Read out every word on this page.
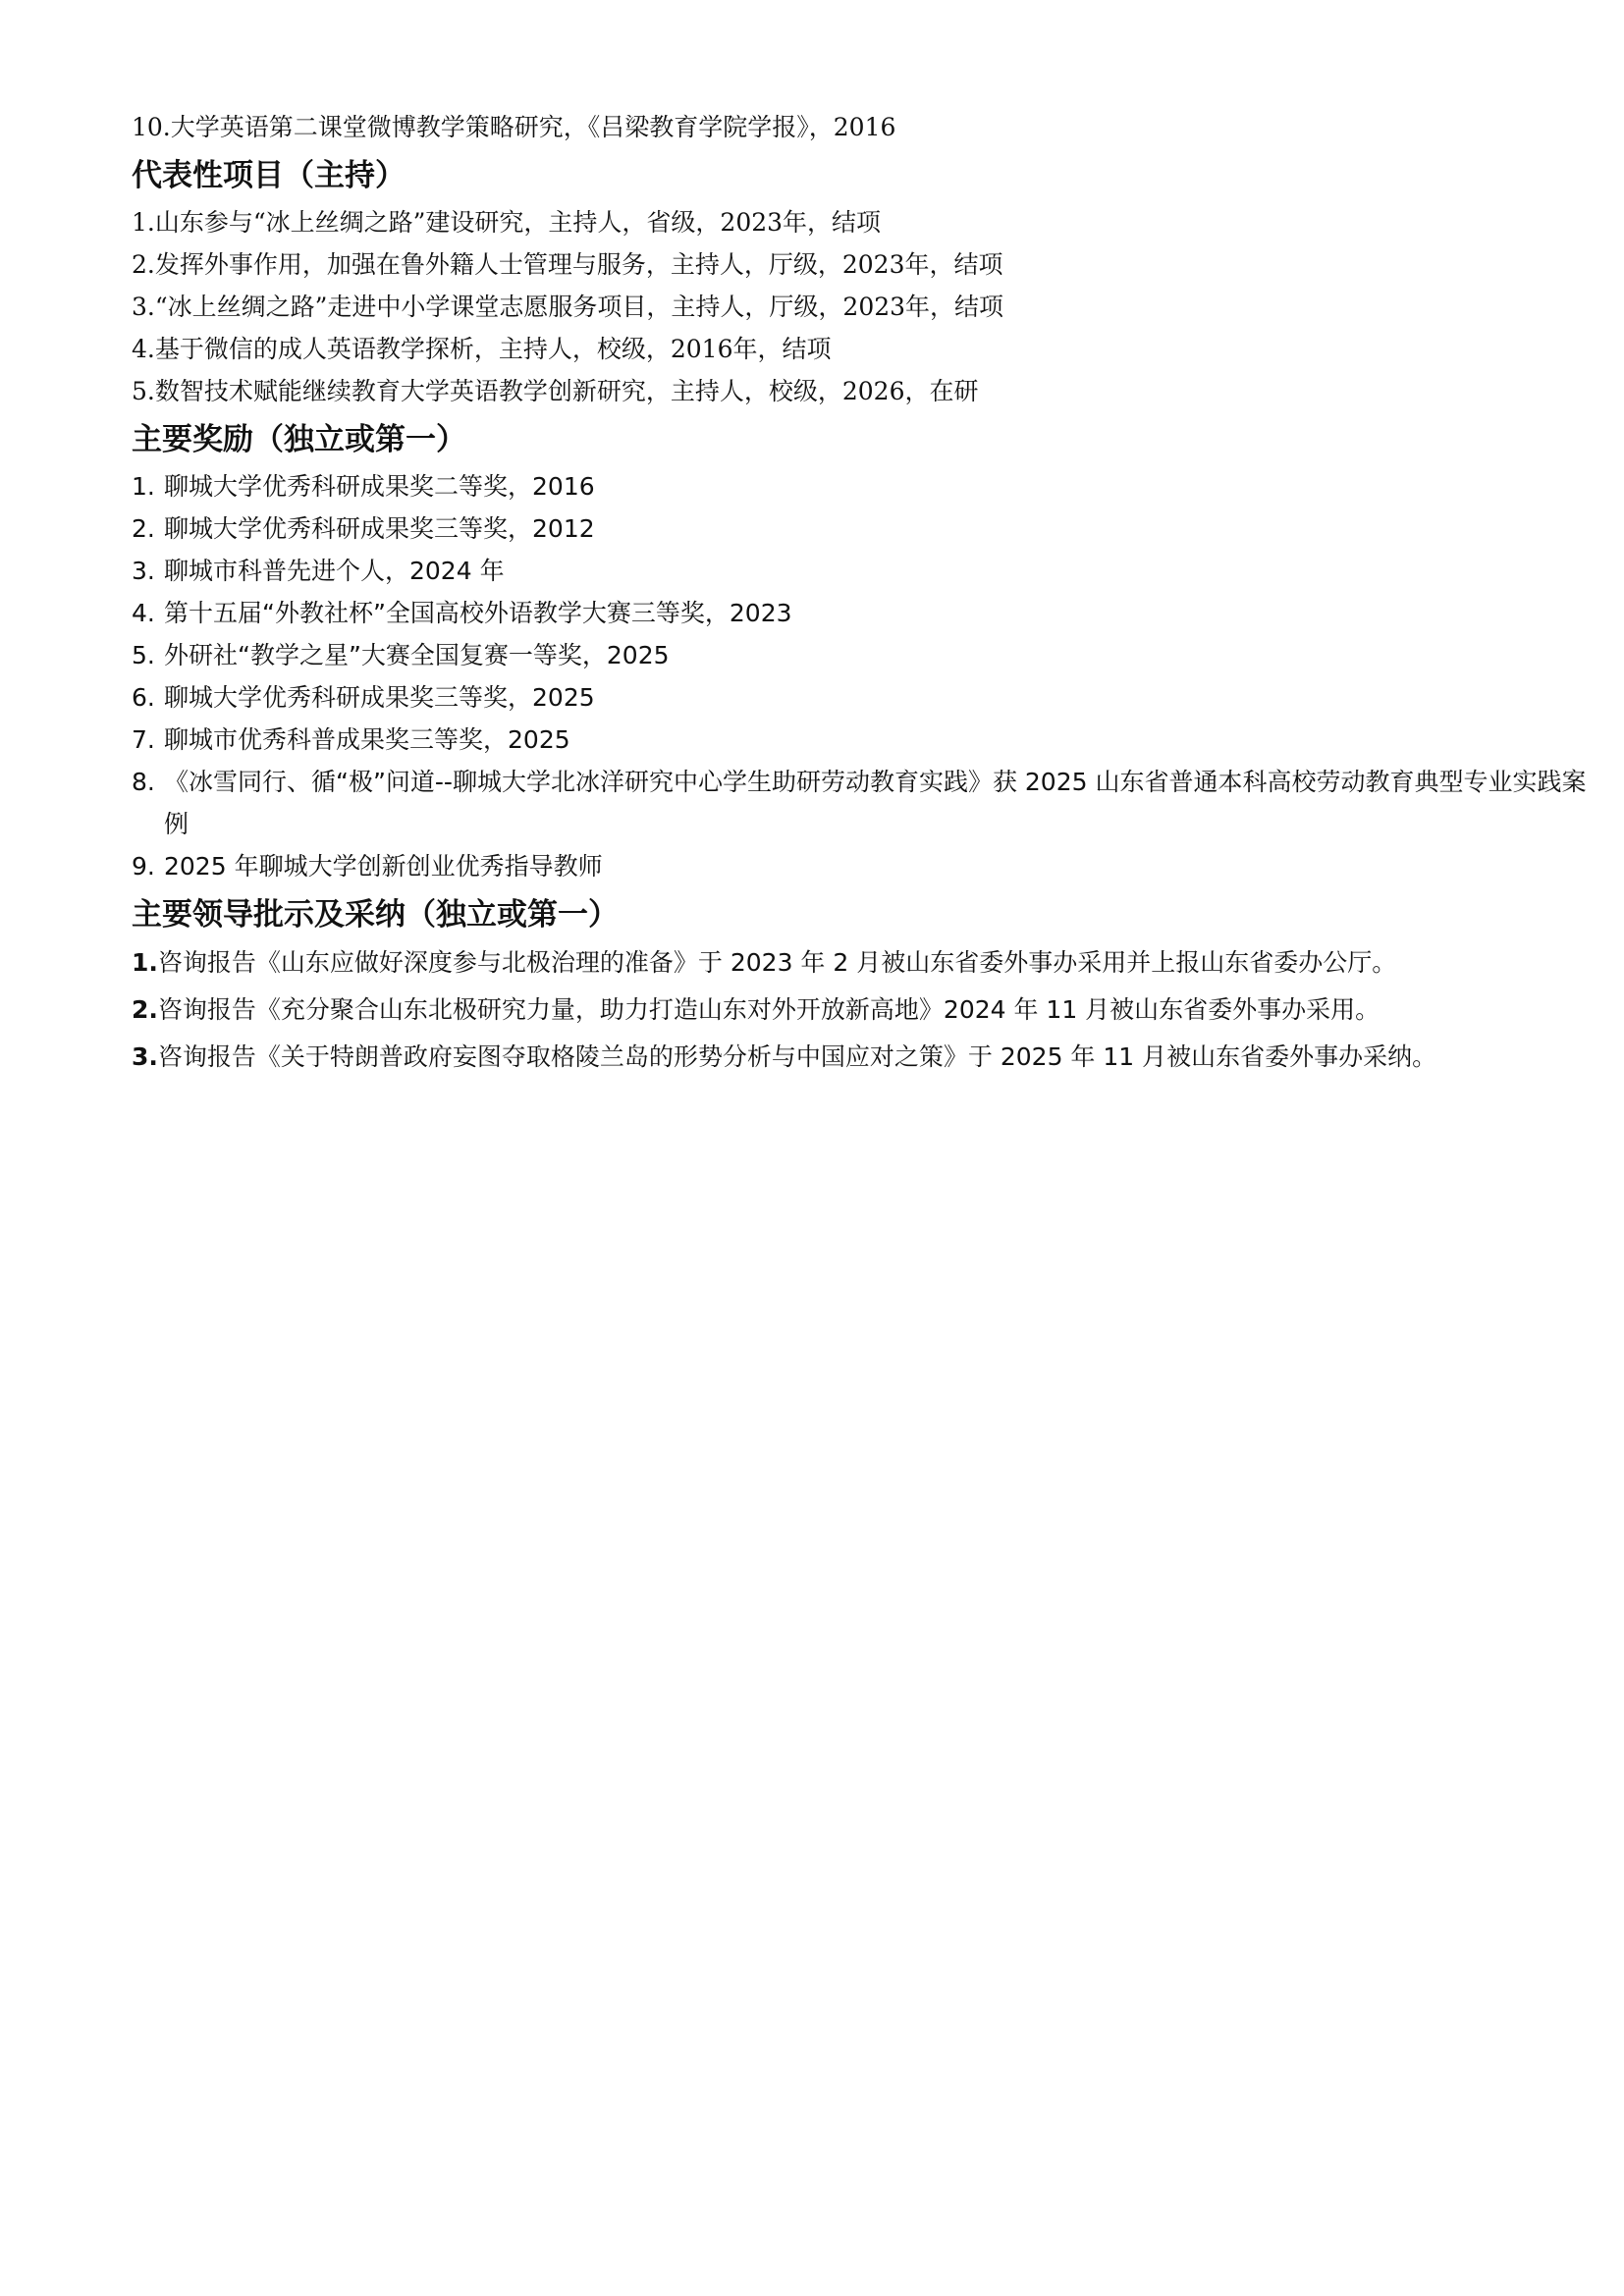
10. 大学英语第二课堂微博教学策略研究，《吕梁教育学院学报》，2016
代表性项目（主持）
1. 山东参与“冰上丝绸之路”建设研究，主持人，省级，2023年，结项
2. 发挥外事作用，加强在鲁外籍人士管理与服务，主持人，厅级，2023年，结项
3. “冰上丝绸之路”走进中小学课堂志愿服务项目，主持人，厅级，2023年，结项
4. 基于微信的成人英语教学探析，主持人，校级，2016年，结项
5. 数智技术赋能继续教育大学英语教学创新研究，主持人，校级，2026，在研
主要奖励（独立或第一）
1. 聊城大学优秀科研成果奖二等奖，2016
2. 聊城大学优秀科研成果奖三等奖，2012
3. 聊城市科普先进个人，2024 年
4. 第十五届“外教社杯”全国高校外语教学大赛三等奖，2023
5. 外研社“教学之星”大赛全国复赛一等奖，2025
6. 聊城大学优秀科研成果奖三等奖，2025
7. 聊城市优秀科普成果奖三等奖，2025
8. 《冰雪同行、循“极”问道--聊城大学北冰洋研究中心学生助研劳动教育实践》获 2025 山东省普通本科高校劳动教育典型专业实践案例
9. 2025 年聊城大学创新创业优秀指导教师
主要领导批示及采纳（独立或第一）
1. 咨询报告《山东应做好深度参与北极治理的准备》于 2023 年 2 月被山东省委外事办采用并上报山东省委办公厅。
2. 咨询报告《充分聚合山东北极研究力量，助力打造山东对外开放新高地》2024 年 11 月被山东省委外事办采用。
3. 咨询报告《关于特朗普政府妄图夺取格陵兰岛的形势分析与中国应对之策》于 2025 年 11 月被山东省委外事办采纳。
